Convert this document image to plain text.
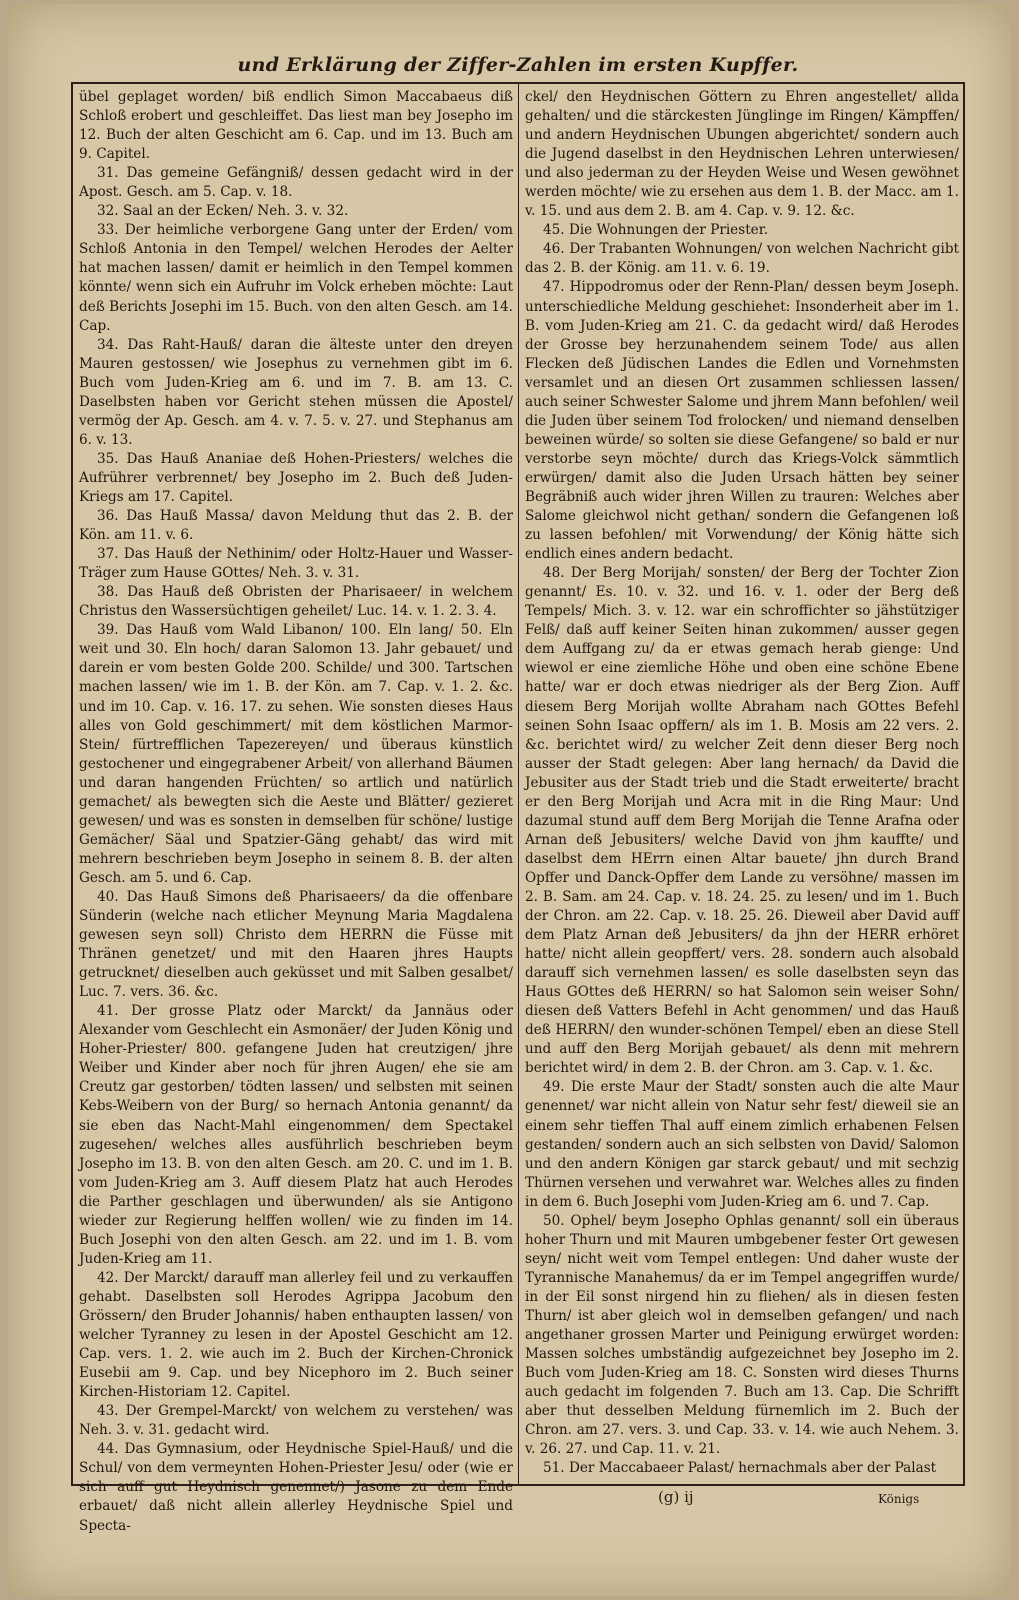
und Erklärung der Ziffer-Zahlen im ersten Kupffer.

übel geplaget worden/ biß endlich Simon Maccabaeus diß Schloß erobert und geschleiffet. Das liest man bey Josepho im 12. Buch der alten Geschicht am 6. Cap. und im 13. Buch am 9. Capitel.

31. Das gemeine Gefängniß/ dessen gedacht wird in der Apost. Gesch. am 5. Cap. v. 18.

32. Saal an der Ecken/ Neh. 3. v. 32.

33. Der heimliche verborgene Gang unter der Erden/ vom Schloß Antonia in den Tempel/ welchen Herodes der Aelter hat machen lassen/ damit er heimlich in den Tempel kommen könnte/ wenn sich ein Aufruhr im Volck erheben möchte: Laut deß Berichts Josephi im 15. Buch. von den alten Gesch. am 14. Cap.

34. Das Raht-Hauß/ daran die älteste unter den dreyen Mauren gestossen/ wie Josephus zu vernehmen gibt im 6. Buch vom Juden-Krieg am 6. und im 7. B. am 13. C. Daselbsten haben vor Gericht stehen müssen die Apostel/ vermög der Ap. Gesch. am 4. v. 7. 5. v. 27. und Stephanus am 6. v. 13.

35. Das Hauß Ananiae deß Hohen-Priesters/ welches die Aufrührer verbrennet/ bey Josepho im 2. Buch deß Juden-Kriegs am 17. Capitel.

36. Das Hauß Massa/ davon Meldung thut das 2. B. der Kön. am 11. v. 6.

37. Das Hauß der Nethinim/ oder Holtz-Hauer und Wasser-Träger zum Hause GOttes/ Neh. 3. v. 31.

38. Das Hauß deß Obristen der Pharisaeer/ in welchem Christus den Wassersüchtigen geheilet/ Luc. 14. v. 1. 2. 3. 4.

39. Das Hauß vom Wald Libanon/ 100. Eln lang/ 50. Eln weit und 30. Eln hoch/ daran Salomon 13. Jahr gebauet/ und darein er vom besten Golde 200. Schilde/ und 300. Tartschen machen lassen/ wie im 1. B. der Kön. am 7. Cap. v. 1. 2. &c. und im 10. Cap. v. 16. 17. zu sehen. Wie sonsten dieses Haus alles von Gold geschimmert/ mit dem köstlichen Marmor-Stein/ fürtrefflichen Tapezereyen/ und überaus künstlich gestochener und eingegrabener Arbeit/ von allerhand Bäumen und daran hangenden Früchten/ so artlich und natürlich gemachet/ als bewegten sich die Aeste und Blätter/ gezieret gewesen/ und was es sonsten in demselben für schöne/ lustige Gemächer/ Säal und Spatzier-Gäng gehabt/ das wird mit mehrern beschrieben beym Josepho in seinem 8. B. der alten Gesch. am 5. und 6. Cap.

40. Das Hauß Simons deß Pharisaeers/ da die offenbare Sünderin (welche nach etlicher Meynung Maria Magdalena gewesen seyn soll) Christo dem HERRN die Füsse mit Thränen genetzet/ und mit den Haaren jhres Haupts getrucknet/ dieselben auch geküsset und mit Salben gesalbet/ Luc. 7. vers. 36. &c.

41. Der grosse Platz oder Marckt/ da Jannäus oder Alexander vom Geschlecht ein Asmonäer/ der Juden König und Hoher-Priester/ 800. gefangene Juden hat creutzigen/ jhre Weiber und Kinder aber noch für jhren Augen/ ehe sie am Creutz gar gestorben/ tödten lassen/ und selbsten mit seinen Kebs-Weibern von der Burg/ so hernach Antonia genannt/ da sie eben das Nacht-Mahl eingenommen/ dem Spectakel zugesehen/ welches alles ausführlich beschrieben beym Josepho im 13. B. von den alten Gesch. am 20. C. und im 1. B. vom Juden-Krieg am 3. Auff diesem Platz hat auch Herodes die Parther geschlagen und überwunden/ als sie Antigono wieder zur Regierung helffen wollen/ wie zu finden im 14. Buch Josephi von den alten Gesch. am 22. und im 1. B. vom Juden-Krieg am 11.

42. Der Marckt/ darauff man allerley feil und zu verkauffen gehabt. Daselbsten soll Herodes Agrippa Jacobum den Grössern/ den Bruder Johannis/ haben enthaupten lassen/ von welcher Tyranney zu lesen in der Apostel Geschicht am 12. Cap. vers. 1. 2. wie auch im 2. Buch der Kirchen-Chronick Eusebii am 9. Cap. und bey Nicephoro im 2. Buch seiner Kirchen-Historiam 12. Capitel.

43. Der Grempel-Marckt/ von welchem zu verstehen/ was Neh. 3. v. 31. gedacht wird.

44. Das Gymnasium, oder Heydnische Spiel-Hauß/ und die Schul/ von dem vermeynten Hohen-Priester Jesu/ oder (wie er sich auff gut Heydnisch genennet/) Jasone zu dem Ende erbauet/ daß nicht allein allerley Heydnische Spiel und Specta-

ckel/ den Heydnischen Göttern zu Ehren angestellet/ allda gehalten/ und die stärckesten Jünglinge im Ringen/ Kämpffen/ und andern Heydnischen Ubungen abgerichtet/ sondern auch die Jugend daselbst in den Heydnischen Lehren unterwiesen/ und also jederman zu der Heyden Weise und Wesen gewöhnet werden möchte/ wie zu ersehen aus dem 1. B. der Macc. am 1. v. 15. und aus dem 2. B. am 4. Cap. v. 9. 12. &c.

45. Die Wohnungen der Priester.

46. Der Trabanten Wohnungen/ von welchen Nachricht gibt das 2. B. der König. am 11. v. 6. 19.

47. Hippodromus oder der Renn-Plan/ dessen beym Joseph. unterschiedliche Meldung geschiehet: Insonderheit aber im 1. B. vom Juden-Krieg am 21. C. da gedacht wird/ daß Herodes der Grosse bey herzunahendem seinem Tode/ aus allen Flecken deß Jüdischen Landes die Edlen und Vornehmsten versamlet und an diesen Ort zusammen schliessen lassen/ auch seiner Schwester Salome und jhrem Mann befohlen/ weil die Juden über seinem Tod frolocken/ und niemand denselben beweinen würde/ so solten sie diese Gefangene/ so bald er nur verstorbe seyn möchte/ durch das Kriegs-Volck sämmtlich erwürgen/ damit also die Juden Ursach hätten bey seiner Begräbniß auch wider jhren Willen zu trauren: Welches aber Salome gleichwol nicht gethan/ sondern die Gefangenen loß zu lassen befohlen/ mit Vorwendung/ der König hätte sich endlich eines andern bedacht.

48. Der Berg Morijah/ sonsten/ der Berg der Tochter Zion genannt/ Es. 10. v. 32. und 16. v. 1. oder der Berg deß Tempels/ Mich. 3. v. 12. war ein schroffichter so jähstütziger Felß/ daß auff keiner Seiten hinan zukommen/ ausser gegen dem Auffgang zu/ da er etwas gemach herab gienge: Und wiewol er eine ziemliche Höhe und oben eine schöne Ebene hatte/ war er doch etwas niedriger als der Berg Zion. Auff diesem Berg Morijah wollte Abraham nach GOttes Befehl seinen Sohn Isaac opffern/ als im 1. B. Mosis am 22 vers. 2. &c. berichtet wird/ zu welcher Zeit denn dieser Berg noch ausser der Stadt gelegen: Aber lang hernach/ da David die Jebusiter aus der Stadt trieb und die Stadt erweiterte/ bracht er den Berg Morijah und Acra mit in die Ring Maur: Und dazumal stund auff dem Berg Morijah die Tenne Arafna oder Arnan deß Jebusiters/ welche David von jhm kauffte/ und daselbst dem HErrn einen Altar bauete/ jhn durch Brand Opffer und Danck-Opffer dem Lande zu versöhne/ massen im 2. B. Sam. am 24. Cap. v. 18. 24. 25. zu lesen/ und im 1. Buch der Chron. am 22. Cap. v. 18. 25. 26. Dieweil aber David auff dem Platz Arnan deß Jebusiters/ da jhn der HERR erhöret hatte/ nicht allein geopffert/ vers. 28. sondern auch alsobald darauff sich vernehmen lassen/ es solle daselbsten seyn das Haus GOttes deß HERRN/ so hat Salomon sein weiser Sohn/ diesen deß Vatters Befehl in Acht genommen/ und das Hauß deß HERRN/ den wunder-schönen Tempel/ eben an diese Stell und auff den Berg Morijah gebauet/ als denn mit mehrern berichtet wird/ in dem 2. B. der Chron. am 3. Cap. v. 1. &c.

49. Die erste Maur der Stadt/ sonsten auch die alte Maur genennet/ war nicht allein von Natur sehr fest/ dieweil sie an einem sehr tieffen Thal auff einem zimlich erhabenen Felsen gestanden/ sondern auch an sich selbsten von David/ Salomon und den andern Königen gar starck gebaut/ und mit sechzig Thürnen versehen und verwahret war. Welches alles zu finden in dem 6. Buch Josephi vom Juden-Krieg am 6. und 7. Cap.

50. Ophel/ beym Josepho Ophlas genannt/ soll ein überaus hoher Thurn und mit Mauren umbgebener fester Ort gewesen seyn/ nicht weit vom Tempel entlegen: Und daher wuste der Tyrannische Manahemus/ da er im Tempel angegriffen wurde/ in der Eil sonst nirgend hin zu fliehen/ als in diesen festen Thurn/ ist aber gleich wol in demselben gefangen/ und nach angethaner grossen Marter und Peinigung erwürget worden: Massen solches umbständig aufgezeichnet bey Josepho im 2. Buch vom Juden-Krieg am 18. C. Sonsten wird dieses Thurns auch gedacht im folgenden 7. Buch am 13. Cap. Die Schrifft aber thut desselben Meldung fürnemlich im 2. Buch der Chron. am 27. vers. 3. und Cap. 33. v. 14. wie auch Nehem. 3. v. 26. 27. und Cap. 11. v. 21.

51. Der Maccabaeer Palast/ hernachmals aber der Palast

(g) ij	Königs
